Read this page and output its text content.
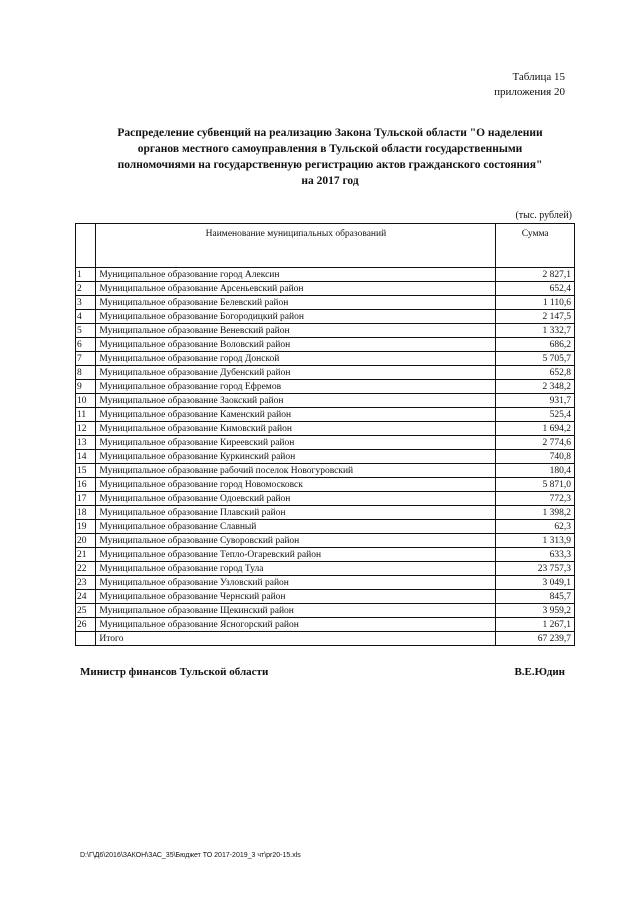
Таблица 15
приложения 20
Распределение субвенций на реализацию Закона Тульской области "О наделении
органов местного самоуправления в Тульской области государственными
полномочиями на государственную регистрацию актов гражданского состояния"
на 2017 год
(тыс. рублей)
	Наименование муниципальных образований	Сумма
1	Муниципальное образование город Алексин	2 827,1
2	Муниципальное образование Арсеньевский район	652,4
3	Муниципальное образование Белевский район	1 110,6
4	Муниципальное образование Богородицкий район	2 147,5
5	Муниципальное образование Веневский район	1 332,7
6	Муниципальное образование Воловский район	686,2
7	Муниципальное образование город Донской	5 705,7
8	Муниципальное образование Дубенский район	652,8
9	Муниципальное образование город Ефремов	2 348,2
10	Муниципальное образование Заокский район	931,7
11	Муниципальное образование Каменский район	525,4
12	Муниципальное образование Кимовский район	1 694,2
13	Муниципальное образование Киреевский район	2 774,6
14	Муниципальное образование Куркинский район	740,8
15	Муниципальное образование рабочий поселок Новогуровский	180,4
16	Муниципальное образование город Новомосковск	5 871,0
17	Муниципальное образование Одоевский район	772,3
18	Муниципальное образование Плавский район	1 398,2
19	Муниципальное образование Славный	62,3
20	Муниципальное образование Суворовский район	1 313,9
21	Муниципальное образование Тепло-Огаревский район	633,3
22	Муниципальное образование город Тула	23 757,3
23	Муниципальное образование Узловский район	3 049,1
24	Муниципальное образование Чернский район	845,7
25	Муниципальное образование Щекинский район	3 959,2
26	Муниципальное образование Ясногорский район	1 267,1
	Итого	67 239,7
Министр финансов Тульской области	В.Е.Юдин
D:\Г\Д6\2016\ЗАКОН\ЗАС_35\Бюджет ТО 2017-2019_3 чт\pr20-15.xls
